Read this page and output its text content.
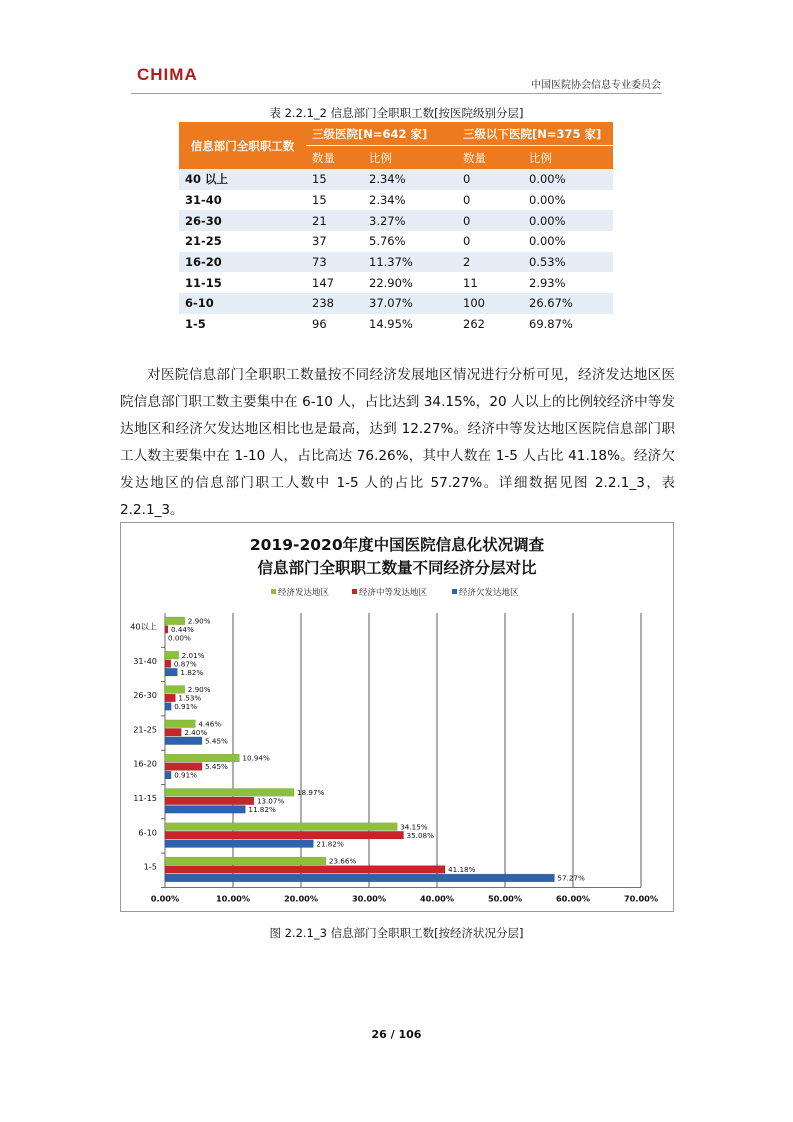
CHIMA
中国医院协会信息专业委员会
表 2.2.1_2 信息部门全职职工数[按医院级别分层]
信息部门全职职工数	三级医院[N=642 家]		三级以下医院[N=375 家]	
	数量	比例	数量	比例
40 以上	15	2.34%	0	0.00%
31-40	15	2.34%	0	0.00%
26-30	21	3.27%	0	0.00%
21-25	37	5.76%	0	0.00%
16-20	73	11.37%	2	0.53%
11-15	147	22.90%	11	2.93%
6-10	238	37.07%	100	26.67%
1-5	96	14.95%	262	69.87%

对医院信息部门全职职工数量按不同经济发展地区情况进行分析可见，经济发达地区医院信息部门职工数主要集中在 6-10 人，占比达到 34.15%，20 人以上的比例较经济中等发达地区和经济欠发达地区相比也是最高，达到 12.27%。经济中等发达地区医院信息部门职工人数主要集中在 1-10 人，占比高达 76.26%，其中人数在 1-5 人占比 41.18%。经济欠发达地区的信息部门职工人数中 1-5 人的占比 57.27%。详细数据见图 2.2.1_3，表 2.2.1_3。

2019-2020年度中国医院信息化状况调查
信息部门全职职工数量不同经济分层对比
经济发达地区	经济中等发达地区	经济欠发达地区
0.00%	10.00%	20.00%	30.00%	40.00%	50.00%	60.00%	70.00%
40以上
2.90%
0.44%
0.00%
31-40
2.01%
0.87%
1.82%
26-30
2.90%
1.53%
0.91%
21-25
4.46%
2.40%
5.45%
16-20
10.94%
5.45%
0.91%
11-15
18.97%
13.07%
11.82%
6-10
34.15%
35.08%
21.82%
1-5
23.66%
41.18%
57.27%
图 2.2.1_3 信息部门全职职工数[按经济状况分层]
26 / 106
